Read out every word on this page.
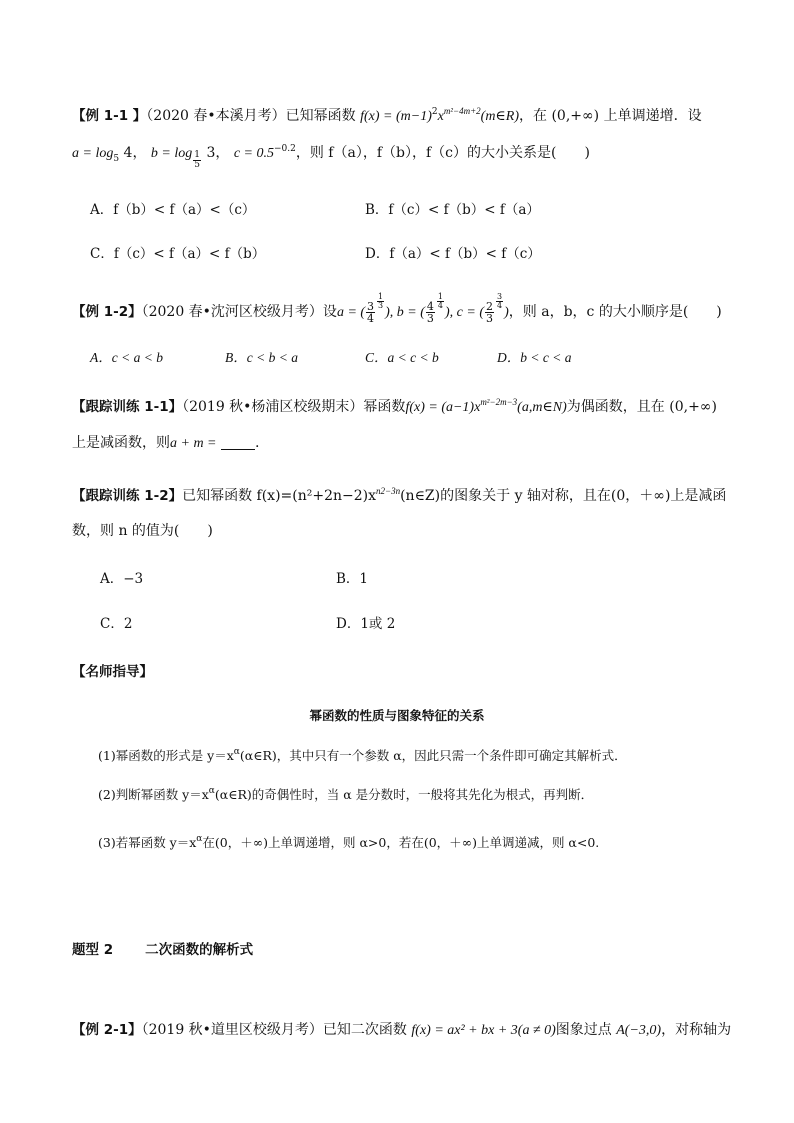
【例 1-1 】（2020 春•本溪月考）已知幂函数 $f(x) = (m-1)^2x^{m^2-4m+2}(m\in R)$，在 (0,+∞) 上单调递增．设
$a = \log_5 4$， $b = \log \frac{1}{5} 3$， $c = 0.5^{-0.2}$，则 f（a），f（b），f（c）的大小关系是(　　)
A．f（b）< f（a）<（c）	B．f（c）< f（b）< f（a）
C．f（c）< f（a）< f（b）	D．f（a）< f（b）< f（c）
【例 1-2】（2020 春•沈河区校级月考）设a = ( $\frac{3}{4} \frac{1}{3}$
), b = ( $\frac{4}{3} \frac{1}{4}$
), c = ( $\frac{2}{3} \frac{3}{4}$
)，则 a，b，c 的大小顺序是(　　)
A．c < a < b	B．c < b < a	C．a < c < b	D．b < c < a
【跟踪训练 1-1】（2019 秋•杨浦区校级期末）幂函数$f(x) = (a-1)x^{m^2-2m-3}(a,m\in N)$为偶函数，且在 (0,+∞)
上是减函数，则a + m =	.
【跟踪训练 1-2】已知幂函数 $f(x)=(n^2+2n-2)x^{n2-3n}(n\in Z)$的图象关于 y 轴对称，且在(0，＋∞)上是减函
数，则 n 的值为(　　)
A．−3	B．1
C．2	D．1或 2
【名师指导】
幂函数的性质与图象特征的关系
(1)幂函数的形式是 $y=x^\alpha(\alpha\in R)$，其中只有一个参数 α，因此只需一个条件即可确定其解析式．
(2)判断幂函数 $y=x^\alpha(\alpha\in R)$的奇偶性时，当 α 是分数时，一般将其先化为根式，再判断．
(3)若幂函数 $y=x^\alpha$在(0，＋∞)上单调递增，则 α>0，若在(0，＋∞)上单调递减，则 α<0.
题型 2 二次函数的解析式
【例 2-1】（2019 秋•道里区校级月考）已知二次函数 f(x) = ax² + bx + 3(a ≠ 0)图象过点 A(−3,0)，对称轴为
